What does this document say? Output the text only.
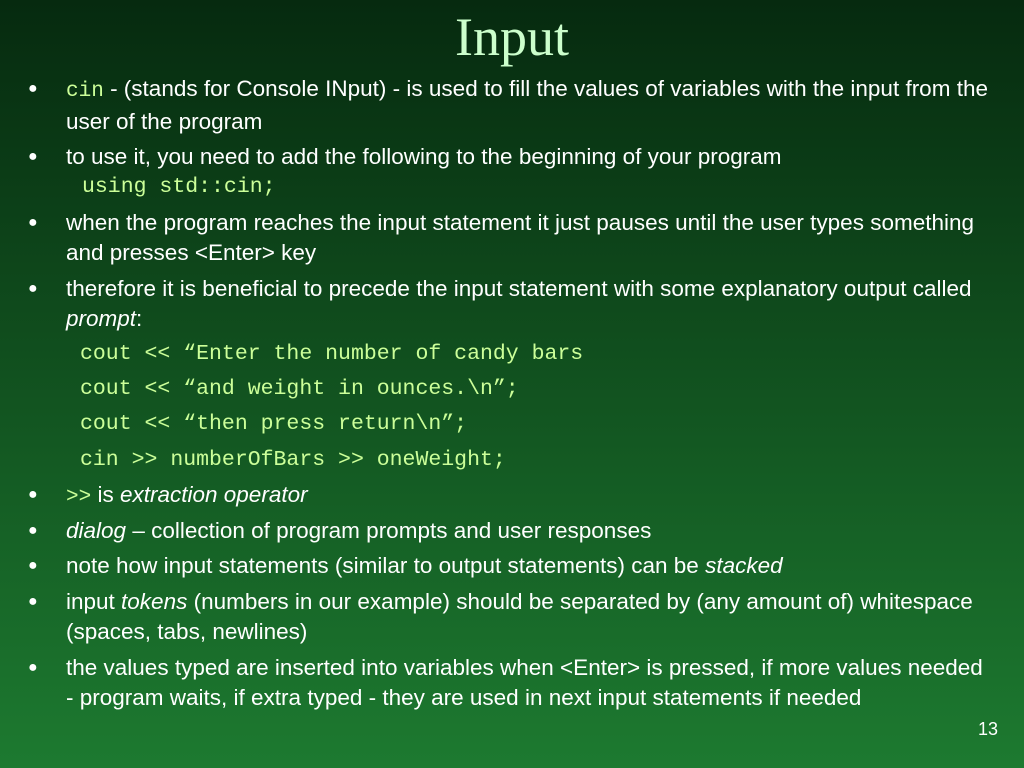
Input
● cin - (stands for Console INput) - is used to fill the values of variables with the input from the user of the program
● to use it, you need to add the following to the beginning of your program
using std::cin;
● when the program reaches the input statement it just pauses until the user types something and presses <Enter> key
● therefore it is beneficial to precede the input statement with some explanatory output called prompt:
cout << “Enter the number of candy bars
cout << “and weight in ounces.\n”;
cout << “then press return\n”;
cin >> numberOfBars >> oneWeight;
● >> is extraction operator
● dialog – collection of program prompts and user responses
● note how input statements (similar to output statements) can be stacked
● input tokens (numbers in our example) should be separated by (any amount of) whitespace (spaces, tabs, newlines)
● the values typed are inserted into variables when <Enter> is pressed, if more values needed - program waits, if extra typed - they are used in next input statements if needed
13
